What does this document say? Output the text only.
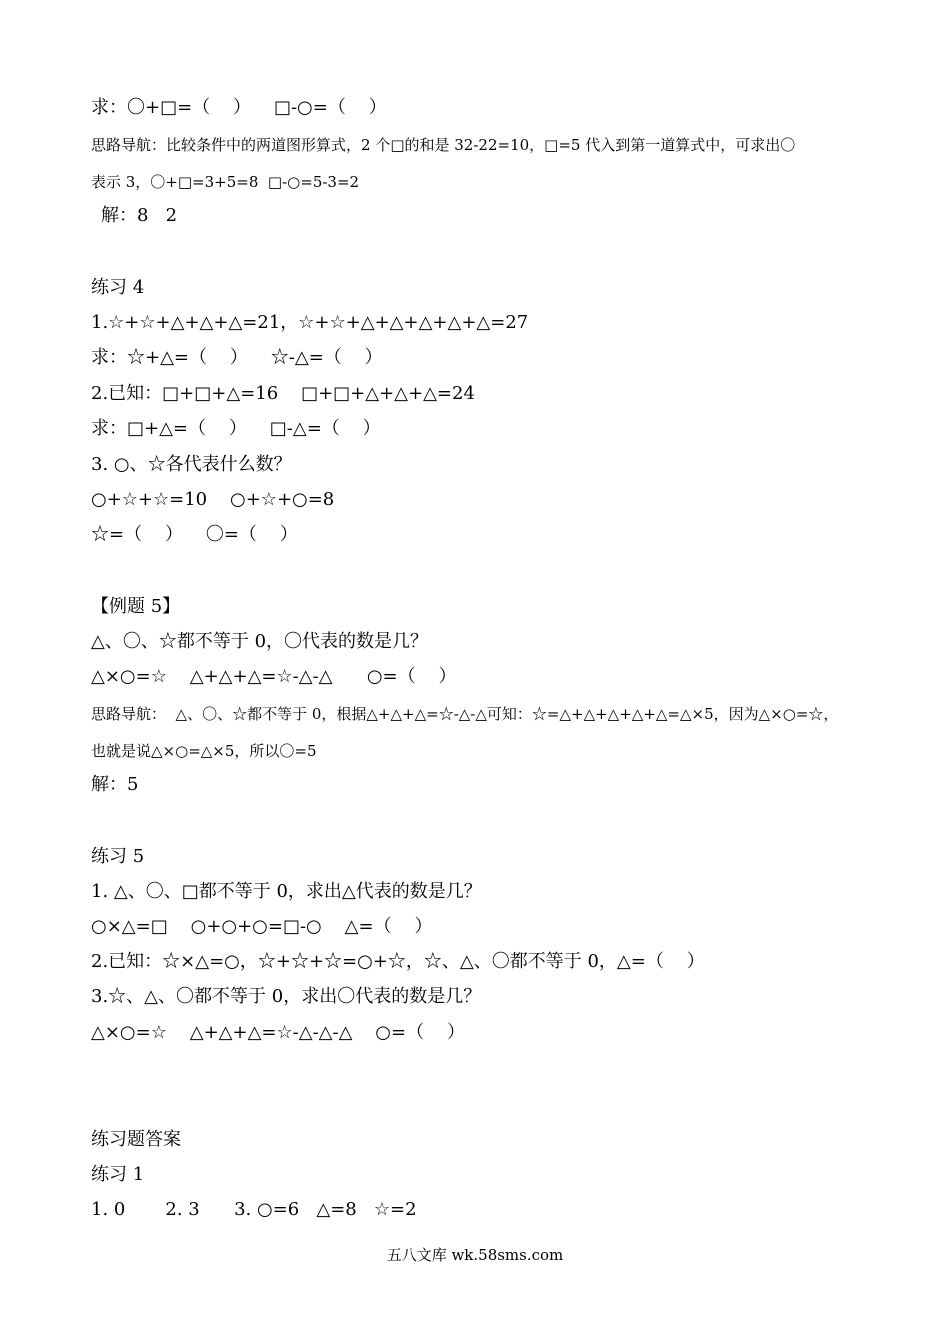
求：〇+□=（    ）    □-○=（    ）
思路导航：比较条件中的两道图形算式，2 个□的和是 32-22=10，□=5 代入到第一道算式中，可求出〇
表示 3，〇+□=3+5=8  □-○=5-3=2
解：8   2
练习 4
1.☆+☆+△+△+△=21，☆+☆+△+△+△+△+△=27
求：☆+△=（    ）    ☆-△=（    ）
2.已知：□+□+△=16    □+□+△+△+△=24
求：□+△=（    ）    □-△=（    ）
3. ○、☆各代表什么数？
○+☆+☆=10    ○+☆+○=8
☆=（    ）    〇=（    ）
【例题 5】
△、〇、☆都不等于 0，〇代表的数是几？
△×○=☆    △+△+△=☆-△-△      ○=（    ）
思路导航：  △、〇、☆都不等于 0，根据△+△+△=☆-△-△可知：☆=△+△+△+△+△=△×5，因为△×○=☆，
也就是说△×○=△×5，所以〇=5
解：5
练习 5
1. △、〇、□都不等于 0，求出△代表的数是几？
○×△=□    ○+○+○=□-○    △=（    ）
2.已知：☆×△=○，☆+☆+☆=○+☆，☆、△、〇都不等于 0，△=（    ）
3.☆、△、〇都不等于 0，求出〇代表的数是几？
△×○=☆    △+△+△=☆-△-△-△    ○=（    ）
练习题答案
练习 1
1. 0       2. 3      3. ○=6   △=8   ☆=2
五八文库 wk.58sms.com
